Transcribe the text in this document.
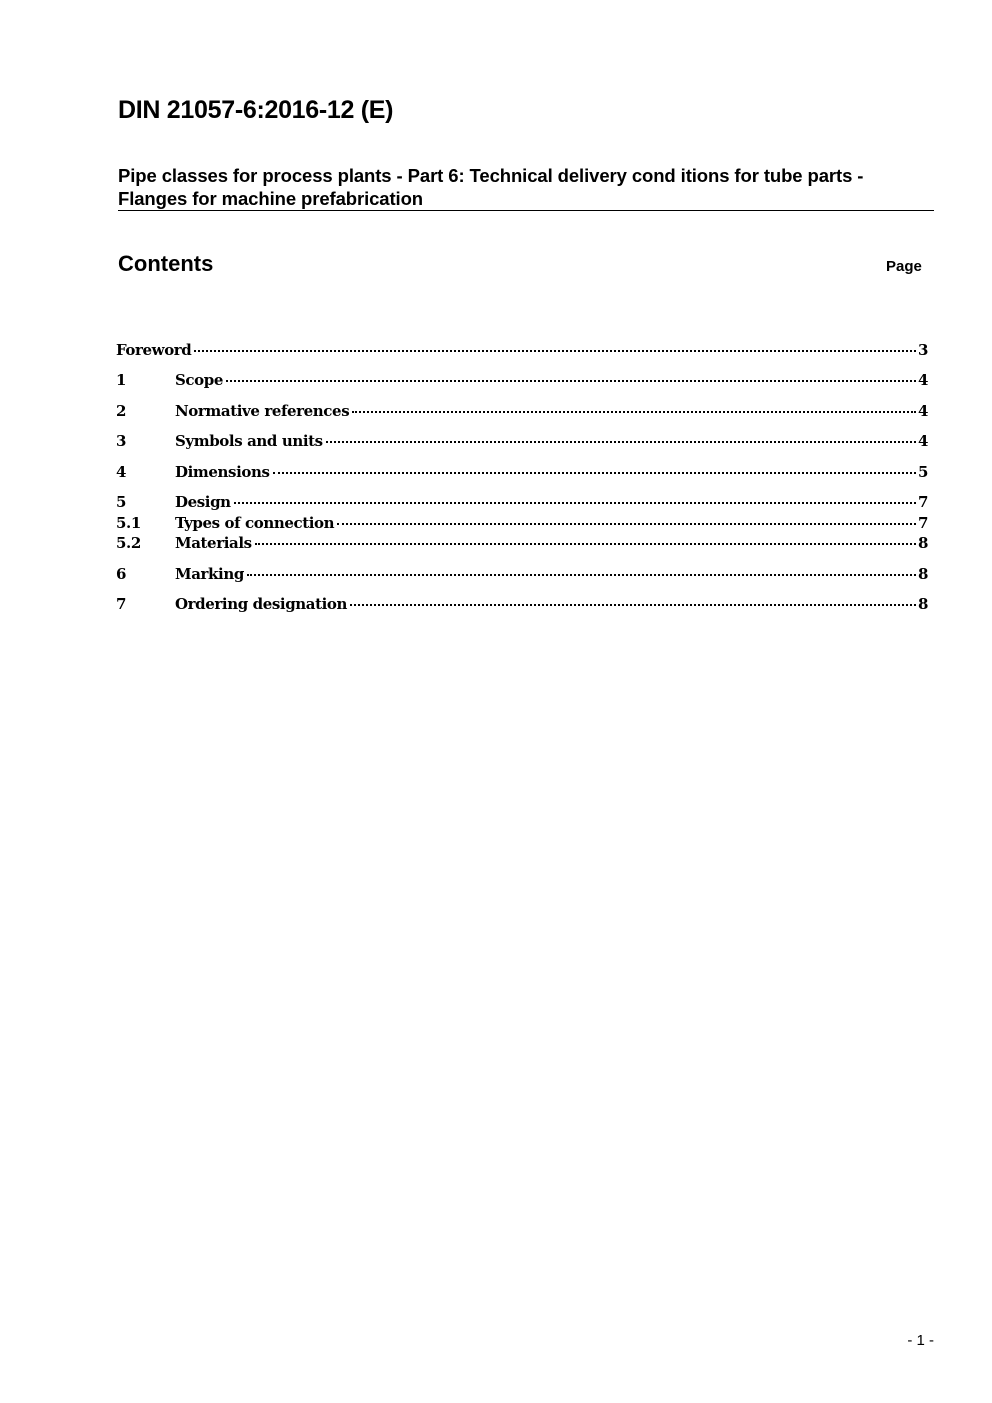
DIN 21057-6:2016-12 (E)
Pipe classes for process plants - Part 6: Technical delivery cond itions for tube parts - Flanges for machine prefabrication
Contents	Page
Foreword	3
1	Scope	4
2	Normative references	4
3	Symbols and units	4
4	Dimensions	5
5	Design	7
5.1	Types of connection	7
5.2	Materials	8
6	Marking	8
7	Ordering designation	8
- 1 -
